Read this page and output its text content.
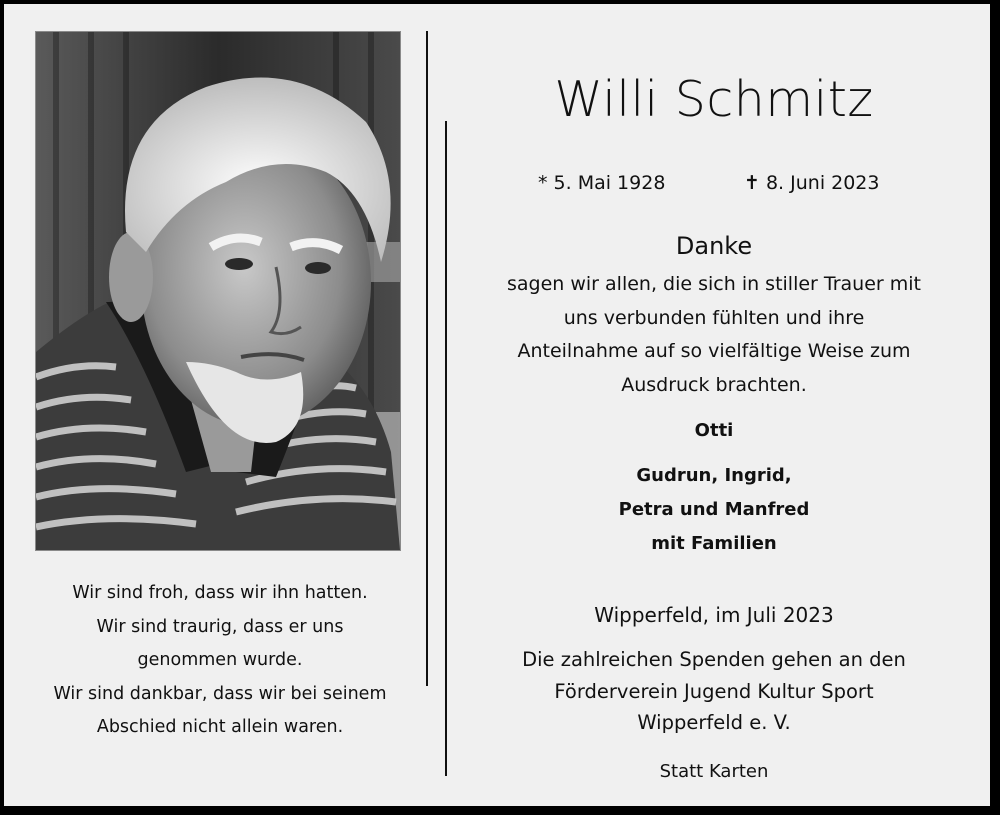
Wir sind froh, dass wir ihn hatten.
Wir sind traurig, dass er uns
genommen wurde.
Wir sind dankbar, dass wir bei seinem
Abschied nicht allein waren.
Willi Schmitz
* 5. Mai 1928	✝ 8. Juni 2023
Danke
sagen wir allen, die sich in stiller Trauer mit
uns verbunden fühlten und ihre
Anteilnahme auf so vielfältige Weise zum
Ausdruck brachten.
Otti
Gudrun, Ingrid,
Petra und Manfred
mit Familien
Wipperfeld, im Juli 2023
Die zahlreichen Spenden gehen an den
Förderverein Jugend Kultur Sport
Wipperfeld e. V.
Statt Karten
